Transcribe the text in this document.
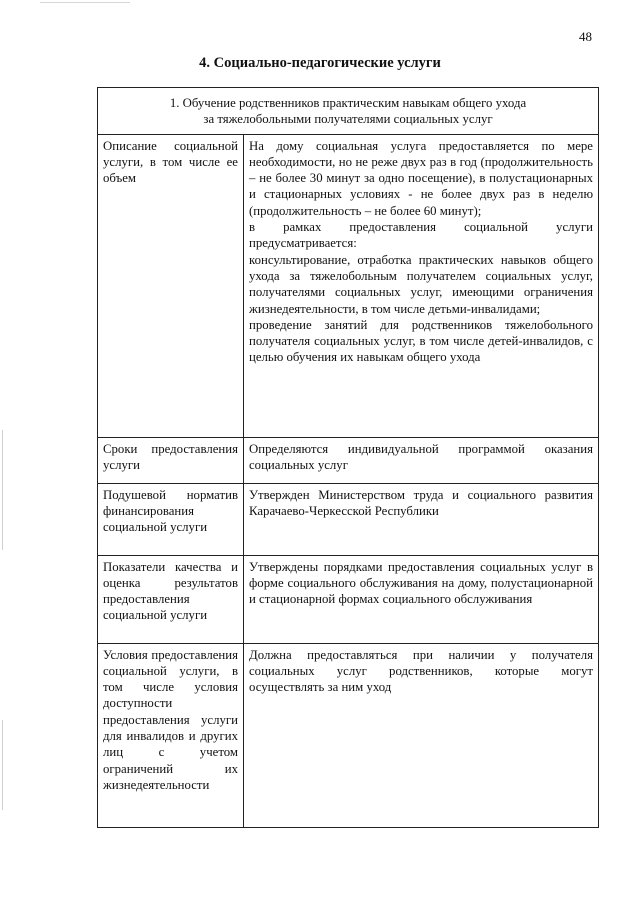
48
4. Социально-педагогические услуги
1. Обучение родственников практическим навыкам общего ухода
за тяжелобольными получателями социальных услуг	
Описание социальной услуги, в том числе ее объем	На дому социальная услуга предоставляется по мере необходимости, но не реже двух раз в год (продолжительность – не более 30 минут за одно посещение), в полустационарных и стационарных условиях - не более двух раз в неделю (продолжительность – не более 60 минут);

в рамках предоставления социальной услуги предусматривается:

консультирование, отработка практических навыков общего ухода за тяжелобольным получателем социальных услуг, получателями социальных услуг, имеющими ограничения жизнедеятельности, в том числе детьми-инвалидами;

проведение занятий для родственников тяжелобольного получателя социальных услуг, в том числе детей-инвалидов, с целью обучения их навыкам общего ухода

Сроки предоставления услуги	Определяются индивидуальной программой оказания социальных услуг

Подушевой норматив финансирования социальной услуги	Утвержден Министерством труда и социального развития Карачаево-Черкесской Республики

Показатели качества и оценка результатов предоставления социальной услуги	Утверждены порядками предоставления социальных услуг в форме социального обслуживания на дому, полустационарной и стационарной формах социального обслуживания

Условия предоставления социальной услуги, в том числе условия доступности предоставления услуги для инвалидов и других лиц с учетом ограничений их жизнедеятельности	Должна предоставляться при наличии у получателя социальных услуг родственников, которые могут осуществлять за ним уход
